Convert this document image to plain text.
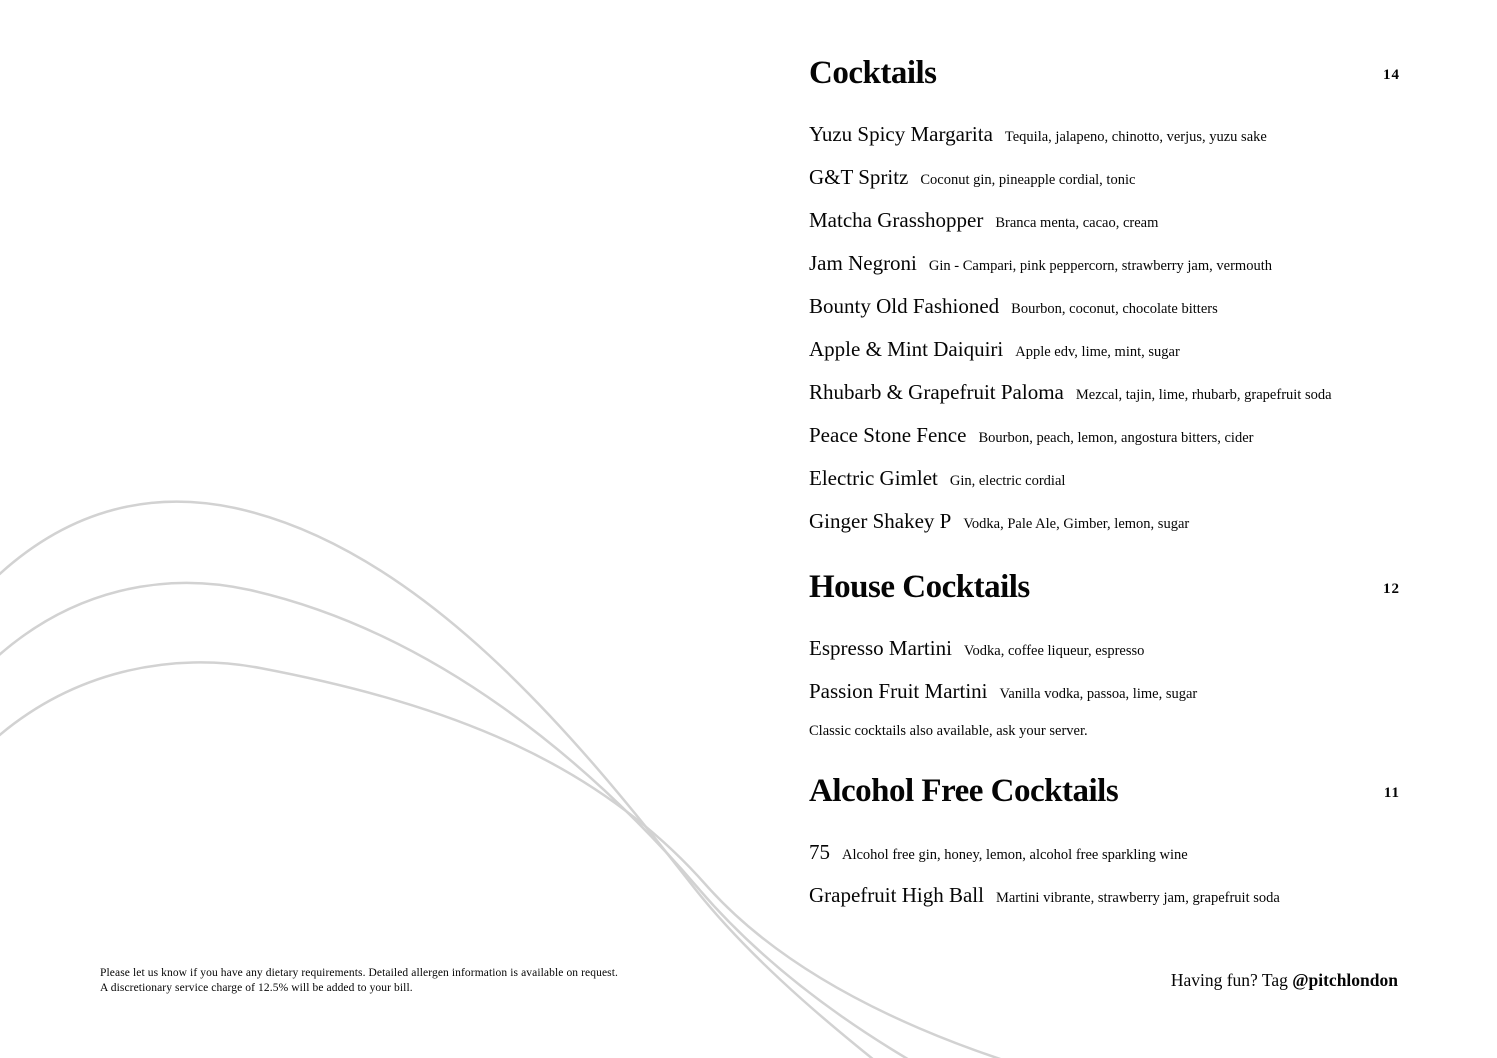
Cocktails	14
Yuzu Spicy Margarita Tequila, jalapeno, chinotto, verjus, yuzu sake
G&T Spritz Coconut gin, pineapple cordial, tonic
Matcha Grasshopper Branca menta, cacao, cream
Jam Negroni Gin - Campari, pink peppercorn, strawberry jam, vermouth
Bounty Old Fashioned Bourbon, coconut, chocolate bitters
Apple & Mint Daiquiri Apple edv, lime, mint, sugar
Rhubarb & Grapefruit Paloma Mezcal, tajin, lime, rhubarb, grapefruit soda
Peace Stone Fence Bourbon, peach, lemon, angostura bitters, cider
Electric Gimlet Gin, electric cordial
Ginger Shakey P Vodka, Pale Ale, Gimber, lemon, sugar
House Cocktails	12
Espresso Martini Vodka, coffee liqueur, espresso
Passion Fruit Martini Vanilla vodka, passoa, lime, sugar
Classic cocktails also available, ask your server.
Alcohol Free Cocktails	11
75 Alcohol free gin, honey, lemon, alcohol free sparkling wine
Grapefruit High Ball Martini vibrante, strawberry jam, grapefruit soda
Please let us know if you have any dietary requirements. Detailed allergen information is available on request.
A discretionary service charge of 12.5% will be added to your bill.	Having fun? Tag @pitchlondon
